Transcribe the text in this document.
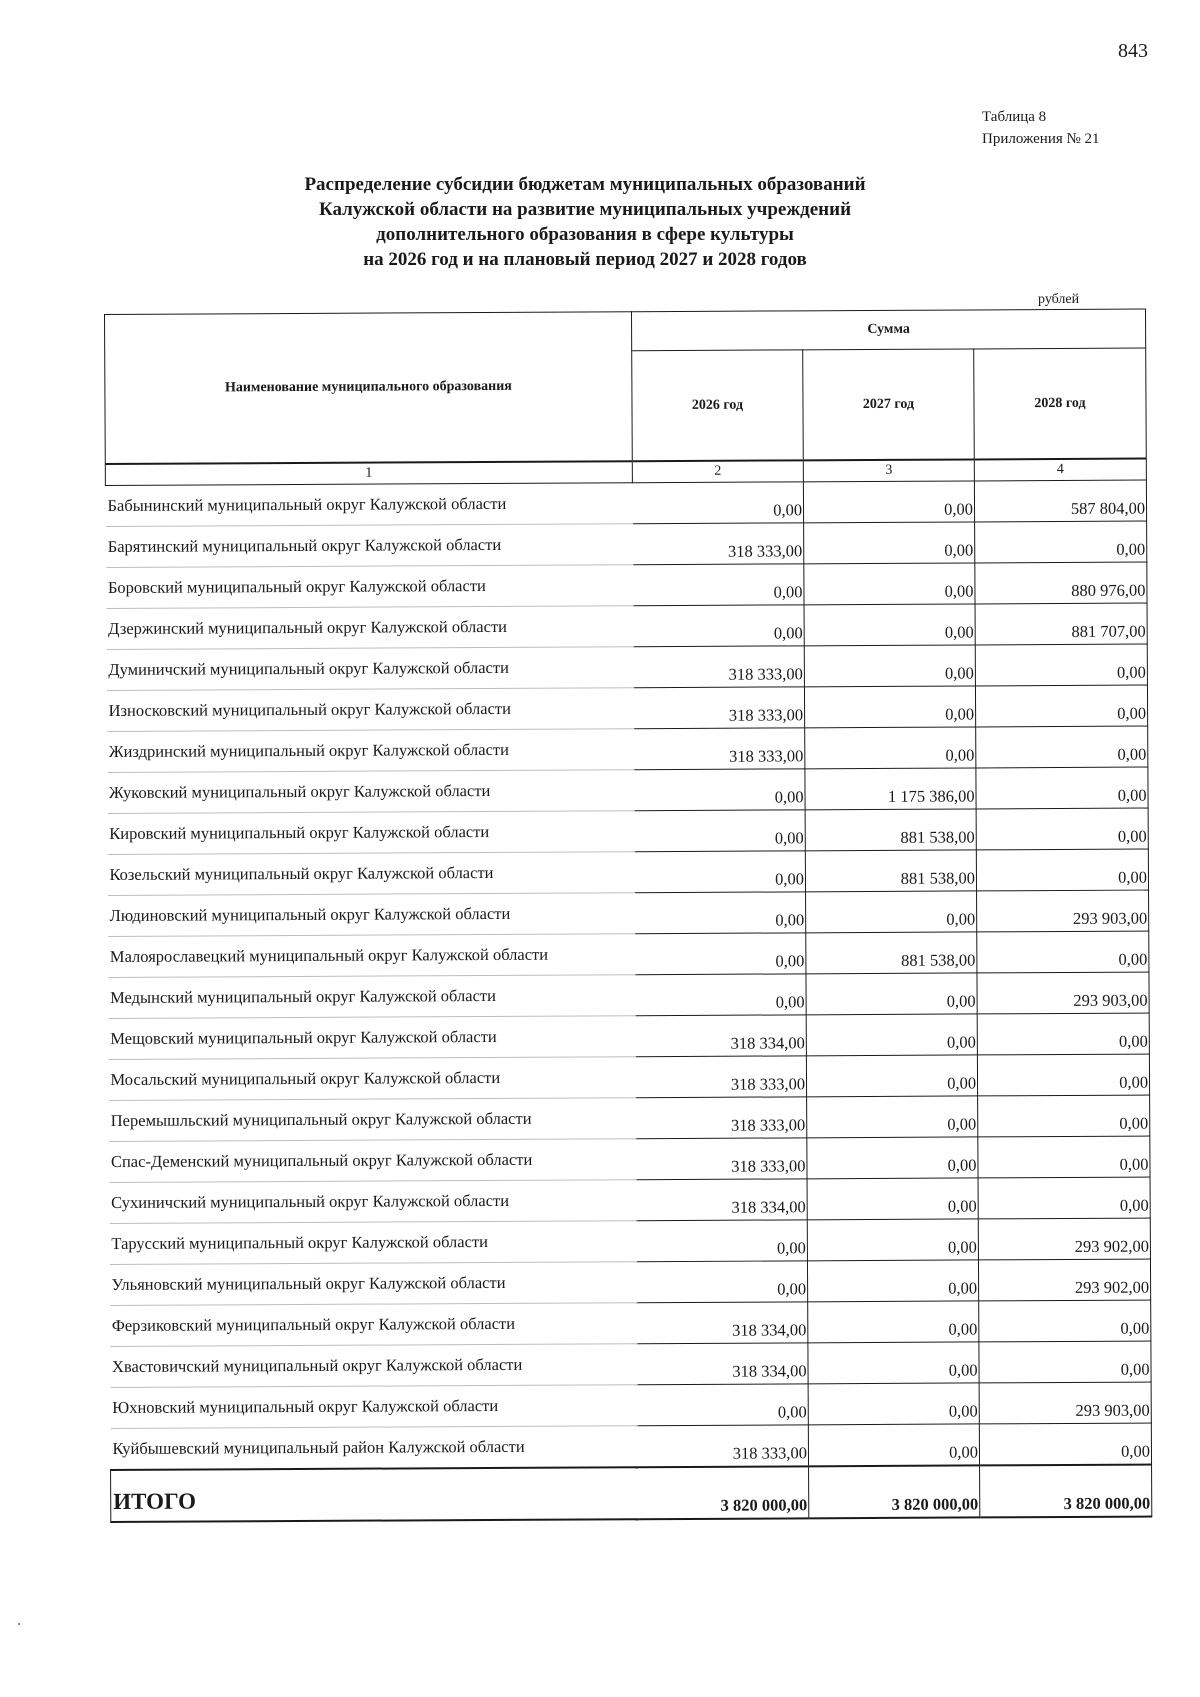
843
Таблица 8
Приложения № 21
Распределение субсидии бюджетам муниципальных образований
Калужской области на развитие муниципальных учреждений
дополнительного образования в сфере культуры
на 2026 год и на плановый период 2027 и 2028 годов
рублей
Наименование муниципального образования	Сумма		
	2026 год	2027 год	2028 год
1	2	3	4
Бабынинский муниципальный округ Калужской области	0,00	0,00	587 804,00
Барятинский муниципальный округ Калужской области	318 333,00	0,00	0,00
Боровский муниципальный округ Калужской области	0,00	0,00	880 976,00
Дзержинский муниципальный округ Калужской области	0,00	0,00	881 707,00
Думиничский муниципальный округ Калужской области	318 333,00	0,00	0,00
Износковский муниципальный округ Калужской области	318 333,00	0,00	0,00
Жиздринский муниципальный округ Калужской области	318 333,00	0,00	0,00
Жуковский муниципальный округ Калужской области	0,00	1 175 386,00	0,00
Кировский муниципальный округ Калужской области	0,00	881 538,00	0,00
Козельский муниципальный округ Калужской области	0,00	881 538,00	0,00
Людиновский муниципальный округ Калужской области	0,00	0,00	293 903,00
Малоярославецкий муниципальный округ Калужской области	0,00	881 538,00	0,00
Медынский муниципальный округ Калужской области	0,00	0,00	293 903,00
Мещовский муниципальный округ Калужской области	318 334,00	0,00	0,00
Мосальский муниципальный округ Калужской области	318 333,00	0,00	0,00
Перемышльский муниципальный округ Калужской области	318 333,00	0,00	0,00
Спас-Деменский муниципальный округ Калужской области	318 333,00	0,00	0,00
Сухиничский муниципальный округ Калужской области	318 334,00	0,00	0,00
Тарусский муниципальный округ Калужской области	0,00	0,00	293 902,00
Ульяновский муниципальный округ Калужской области	0,00	0,00	293 902,00
Ферзиковский муниципальный округ Калужской области	318 334,00	0,00	0,00
Хвастовичский муниципальный округ Калужской области	318 334,00	0,00	0,00
Юхновский муниципальный округ Калужской области	0,00	0,00	293 903,00
Куйбышевский муниципальный район Калужской области	318 333,00	0,00	0,00
ИТОГО	3 820 000,00	3 820 000,00	3 820 000,00
